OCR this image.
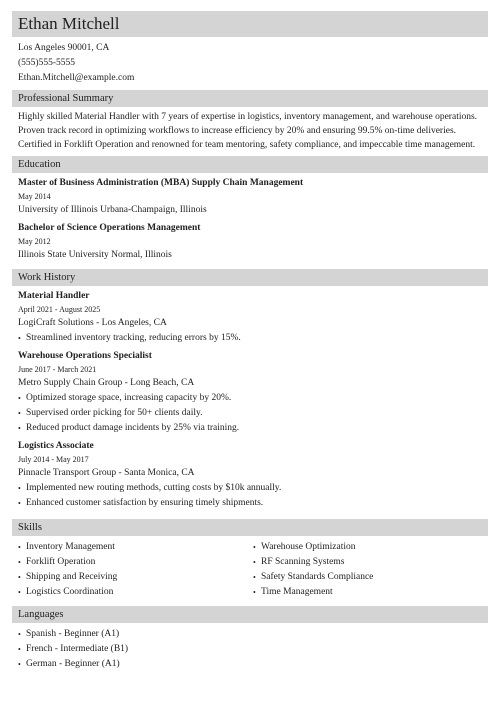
Ethan Mitchell
Los Angeles 90001, CA
(555)555-5555
Ethan.Mitchell@example.com
Professional Summary
Highly skilled Material Handler with 7 years of expertise in logistics, inventory management, and warehouse operations. Proven track record in optimizing workflows to increase efficiency by 20% and ensuring 99.5% on-time deliveries. Certified in Forklift Operation and renowned for team mentoring, safety compliance, and impeccable time management.
Education
Master of Business Administration (MBA) Supply Chain Management
May 2014
University of Illinois Urbana-Champaign, Illinois
Bachelor of Science Operations Management
May 2012
Illinois State University Normal, Illinois
Work History
Material Handler
April 2021 - August 2025
LogiCraft Solutions - Los Angeles, CA
• Streamlined inventory tracking, reducing errors by 15%.
Warehouse Operations Specialist
June 2017 - March 2021
Metro Supply Chain Group - Long Beach, CA
• Optimized storage space, increasing capacity by 20%.
• Supervised order picking for 50+ clients daily.
• Reduced product damage incidents by 25% via training.
Logistics Associate
July 2014 - May 2017
Pinnacle Transport Group - Santa Monica, CA
• Implemented new routing methods, cutting costs by $10k annually.
• Enhanced customer satisfaction by ensuring timely shipments.
Skills
• Inventory Management
• Forklift Operation
• Shipping and Receiving
• Logistics Coordination
• Warehouse Optimization
• RF Scanning Systems
• Safety Standards Compliance
• Time Management
Languages
• Spanish - Beginner (A1)
• French - Intermediate (B1)
• German - Beginner (A1)
